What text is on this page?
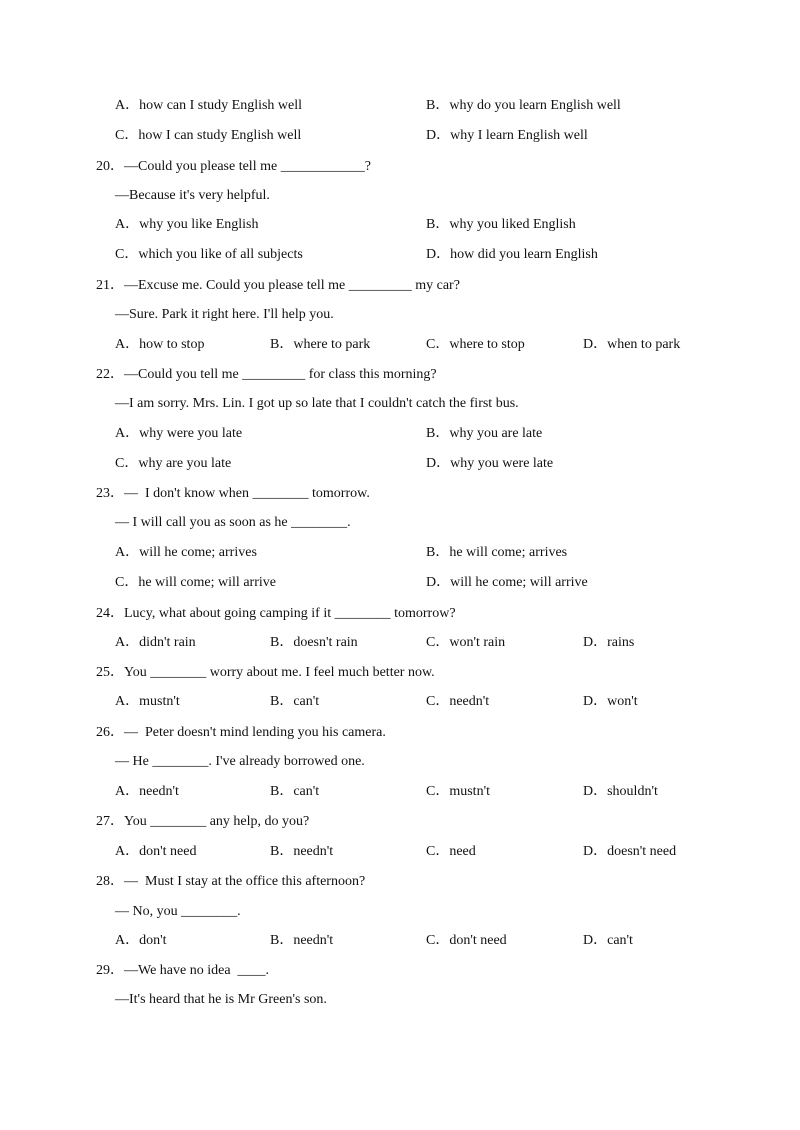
A．how can I study English well	B．why do you learn English well
C．how I can study English well	D．why I learn English well
20．—Could you please tell me ____________?
—Because it's very helpful.
A．why you like English	B．why you liked English
C．which you like of all subjects	D．how did you learn English
21．—Excuse me. Could you please tell me _________ my car?
—Sure. Park it right here. I'll help you.
A．how to stop	B．where to park	C．where to stop	D．when to park
22．—Could you tell me _________ for class this morning?
—I am sorry. Mrs. Lin. I got up so late that I couldn't catch the first bus.
A．why were you late	B．why you are late
C．why are you late	D．why you were late
23．—  I don't know when ________ tomorrow.
— I will call you as soon as he ________.
A．will he come; arrives	B．he will come; arrives
C．he will come; will arrive	D．will he come; will arrive
24．Lucy, what about going camping if it ________ tomorrow?
A．didn't rain	B．doesn't rain	C．won't rain	D．rains
25．You ________ worry about me. I feel much better now.
A．mustn't	B．can't	C．needn't	D．won't
26．—  Peter doesn't mind lending you his camera.
— He ________. I've already borrowed one.
A．needn't	B．can't	C．mustn't	D．shouldn't
27．You ________ any help, do you?
A．don't need	B．needn't	C．need	D．doesn't need
28．—  Must I stay at the office this afternoon?
— No, you ________.
A．don't	B．needn't	C．don't need	D．can't
29．—We have no idea  ____.
—It's heard that he is Mr Green's son.
